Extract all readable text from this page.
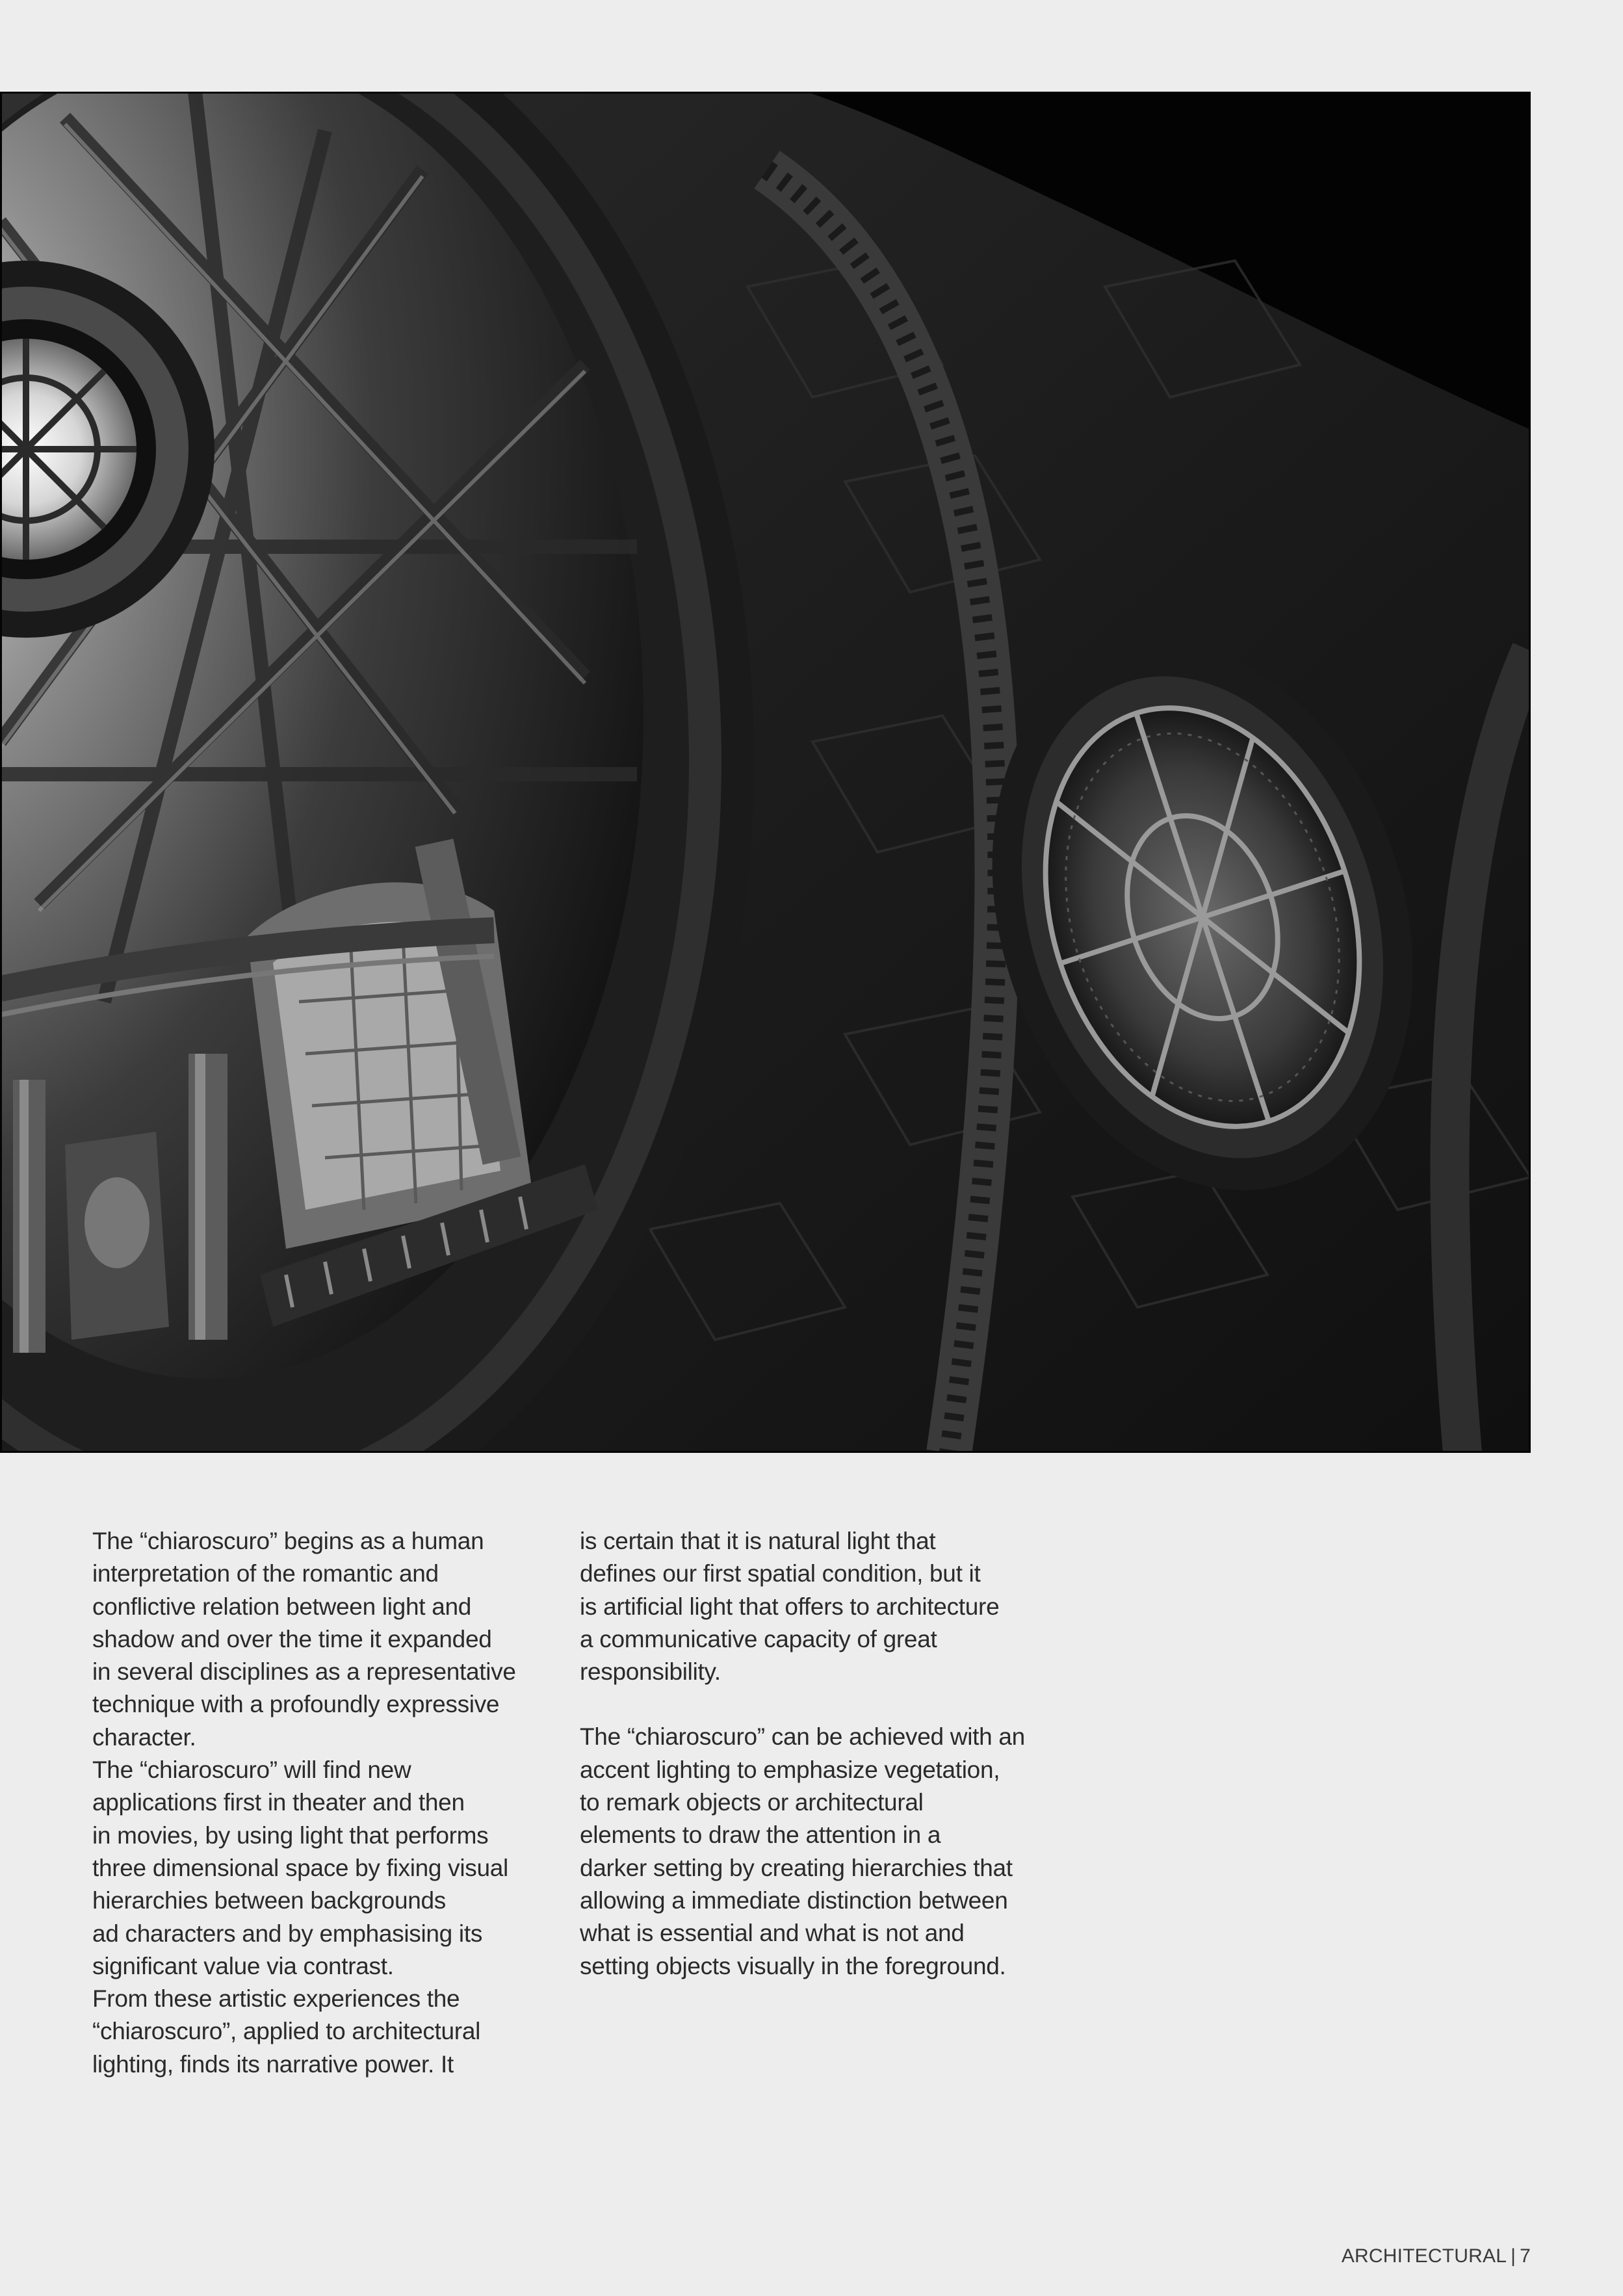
The “chiaroscuro” begins as a human
interpretation of the romantic and
conflictive relation between light and
shadow and over the time it expanded
in several disciplines as a representative
technique with a profoundly expressive
character.

The “chiaroscuro” will find new
applications first in theater and then
in movies, by using light that performs
three dimensional space by fixing visual
hierarchies between backgrounds
ad characters and by emphasising its
significant value via contrast.

From these artistic experiences the
“chiaroscuro”, applied to architectural
lighting, finds its narrative power. It

is certain that it is natural light that
defines our first spatial condition, but it
is artificial light that offers to architecture
a communicative capacity of great
responsibility.

The “chiaroscuro” can be achieved with an
accent lighting to emphasize vegetation,
to remark objects or architectural
elements to draw the attention in a
darker setting by creating hierarchies that
allowing a immediate distinction between
what is essential and what is not and
setting objects visually in the foreground.

ARCHITECTURAL | 7
